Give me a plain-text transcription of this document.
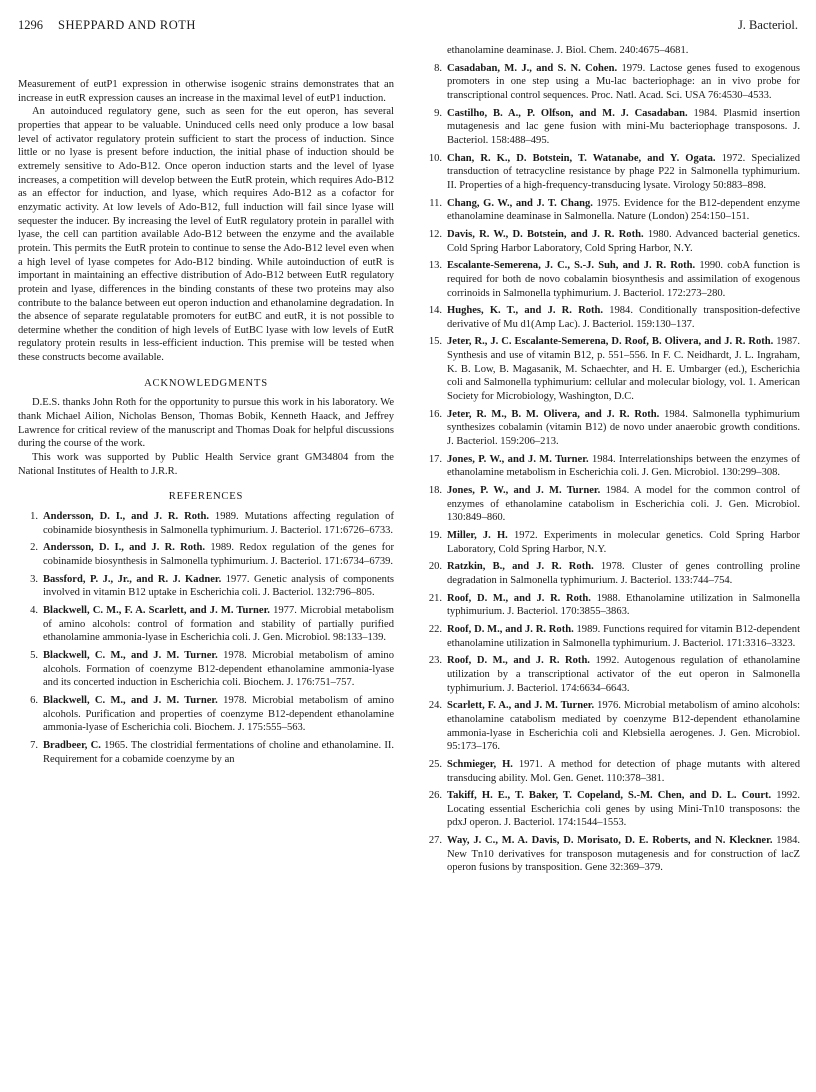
1296 SHEPPARD AND ROTH	J. Bacteriol.

Measurement of eutP1 expression in otherwise isogenic strains demonstrates that an increase in eutR expression causes an increase in the maximal level of eutP1 induction.

An autoinduced regulatory gene, such as seen for the eut operon, has several properties that appear to be valuable. Uninduced cells need only produce a low basal level of activator regulatory protein sufficient to start the process of induction. Since little or no lyase is present before induction, the initial phase of induction should be extremely sensitive to Ado-B12. Once operon induction starts and the level of lyase increases, a competition will develop between the EutR protein, which requires Ado-B12 as an effector for induction, and lyase, which requires Ado-B12 as a cofactor for enzymatic activity. At low levels of Ado-B12, full induction will fail since lyase will sequester the inducer. By increasing the level of EutR regulatory protein in parallel with lyase, the cell can partition available Ado-B12 between the enzyme and the available protein. This permits the EutR protein to continue to sense the Ado-B12 level even when a high level of lyase competes for Ado-B12 binding. While autoinduction of eutR is important in maintaining an effective distribution of Ado-B12 between EutR regulatory protein and lyase, differences in the binding constants of these two proteins may also contribute to the balance between eut operon induction and ethanolamine degradation. In the absence of separate regulatable promoters for eutBC and eutR, it is not possible to determine whether the condition of high levels of EutBC lyase with low levels of EutR regulatory protein results in less-efficient induction. This premise will be tested when these constructs become available.

ACKNOWLEDGMENTS

D.E.S. thanks John Roth for the opportunity to pursue this work in his laboratory. We thank Michael Ailion, Nicholas Benson, Thomas Bobik, Kenneth Haack, and Jeffrey Lawrence for critical review of the manuscript and Thomas Doak for helpful discussions during the course of the work.

This work was supported by Public Health Service grant GM34804 from the National Institutes of Health to J.R.R.

REFERENCES
1. Andersson, D. I., and J. R. Roth. 1989. Mutations affecting regulation of cobinamide biosynthesis in Salmonella typhimurium. J. Bacteriol. 171:6726–6733.
2. Andersson, D. I., and J. R. Roth. 1989. Redox regulation of the genes for cobinamide biosynthesis in Salmonella typhimurium. J. Bacteriol. 171:6734–6739.
3. Bassford, P. J., Jr., and R. J. Kadner. 1977. Genetic analysis of components involved in vitamin B12 uptake in Escherichia coli. J. Bacteriol. 132:796–805.
4. Blackwell, C. M., F. A. Scarlett, and J. M. Turner. 1977. Microbial metabolism of amino alcohols: control of formation and stability of partially purified ethanolamine ammonia-lyase in Escherichia coli. J. Gen. Microbiol. 98:133–139.
5. Blackwell, C. M., and J. M. Turner. 1978. Microbial metabolism of amino alcohols. Formation of coenzyme B12-dependent ethanolamine ammonia-lyase and its concerted induction in Escherichia coli. Biochem. J. 176:751–757.
6. Blackwell, C. M., and J. M. Turner. 1978. Microbial metabolism of amino alcohols. Purification and properties of coenzyme B12-dependent ethanolamine ammonia-lyase of Escherichia coli. Biochem. J. 175:555–563.
7. Bradbeer, C. 1965. The clostridial fermentations of choline and ethanolamine. II. Requirement for a cobamide coenzyme by an
ethanolamine deaminase. J. Biol. Chem. 240:4675–4681.
8. Casadaban, M. J., and S. N. Cohen. 1979. Lactose genes fused to exogenous promoters in one step using a Mu-lac bacteriophage: an in vivo probe for transcriptional control sequences. Proc. Natl. Acad. Sci. USA 76:4530–4533.
9. Castilho, B. A., P. Olfson, and M. J. Casadaban. 1984. Plasmid insertion mutagenesis and lac gene fusion with mini-Mu bacteriophage transposons. J. Bacteriol. 158:488–495.
10. Chan, R. K., D. Botstein, T. Watanabe, and Y. Ogata. 1972. Specialized transduction of tetracycline resistance by phage P22 in Salmonella typhimurium. II. Properties of a high-frequency-transducing lysate. Virology 50:883–898.
11. Chang, G. W., and J. T. Chang. 1975. Evidence for the B12-dependent enzyme ethanolamine deaminase in Salmonella. Nature (London) 254:150–151.
12. Davis, R. W., D. Botstein, and J. R. Roth. 1980. Advanced bacterial genetics. Cold Spring Harbor Laboratory, Cold Spring Harbor, N.Y.
13. Escalante-Semerena, J. C., S.-J. Suh, and J. R. Roth. 1990. cobA function is required for both de novo cobalamin biosynthesis and assimilation of exogenous corrinoids in Salmonella typhimurium. J. Bacteriol. 172:273–280.
14. Hughes, K. T., and J. R. Roth. 1984. Conditionally transposition-defective derivative of Mu d1(Amp Lac). J. Bacteriol. 159:130–137.
15. Jeter, R., J. C. Escalante-Semerena, D. Roof, B. Olivera, and J. R. Roth. 1987. Synthesis and use of vitamin B12, p. 551–556. In F. C. Neidhardt, J. L. Ingraham, K. B. Low, B. Magasanik, M. Schaechter, and H. E. Umbarger (ed.), Escherichia coli and Salmonella typhimurium: cellular and molecular biology, vol. 1. American Society for Microbiology, Washington, D.C.
16. Jeter, R. M., B. M. Olivera, and J. R. Roth. 1984. Salmonella typhimurium synthesizes cobalamin (vitamin B12) de novo under anaerobic growth conditions. J. Bacteriol. 159:206–213.
17. Jones, P. W., and J. M. Turner. 1984. Interrelationships between the enzymes of ethanolamine metabolism in Escherichia coli. J. Gen. Microbiol. 130:299–308.
18. Jones, P. W., and J. M. Turner. 1984. A model for the common control of enzymes of ethanolamine catabolism in Escherichia coli. J. Gen. Microbiol. 130:849–860.
19. Miller, J. H. 1972. Experiments in molecular genetics. Cold Spring Harbor Laboratory, Cold Spring Harbor, N.Y.
20. Ratzkin, B., and J. R. Roth. 1978. Cluster of genes controlling proline degradation in Salmonella typhimurium. J. Bacteriol. 133:744–754.
21. Roof, D. M., and J. R. Roth. 1988. Ethanolamine utilization in Salmonella typhimurium. J. Bacteriol. 170:3855–3863.
22. Roof, D. M., and J. R. Roth. 1989. Functions required for vitamin B12-dependent ethanolamine utilization in Salmonella typhimurium. J. Bacteriol. 171:3316–3323.
23. Roof, D. M., and J. R. Roth. 1992. Autogenous regulation of ethanolamine utilization by a transcriptional activator of the eut operon in Salmonella typhimurium. J. Bacteriol. 174:6634–6643.
24. Scarlett, F. A., and J. M. Turner. 1976. Microbial metabolism of amino alcohols: ethanolamine catabolism mediated by coenzyme B12-dependent ethanolamine ammonia-lyase in Escherichia coli and Klebsiella aerogenes. J. Gen. Microbiol. 95:173–176.
25. Schmieger, H. 1971. A method for detection of phage mutants with altered transducing ability. Mol. Gen. Genet. 110:378–381.
26. Takiff, H. E., T. Baker, T. Copeland, S.-M. Chen, and D. L. Court. 1992. Locating essential Escherichia coli genes by using Mini-Tn10 transposons: the pdxJ operon. J. Bacteriol. 174:1544–1553.
27. Way, J. C., M. A. Davis, D. Morisato, D. E. Roberts, and N. Kleckner. 1984. New Tn10 derivatives for transposon mutagenesis and for construction of lacZ operon fusions by transposition. Gene 32:369–379.
